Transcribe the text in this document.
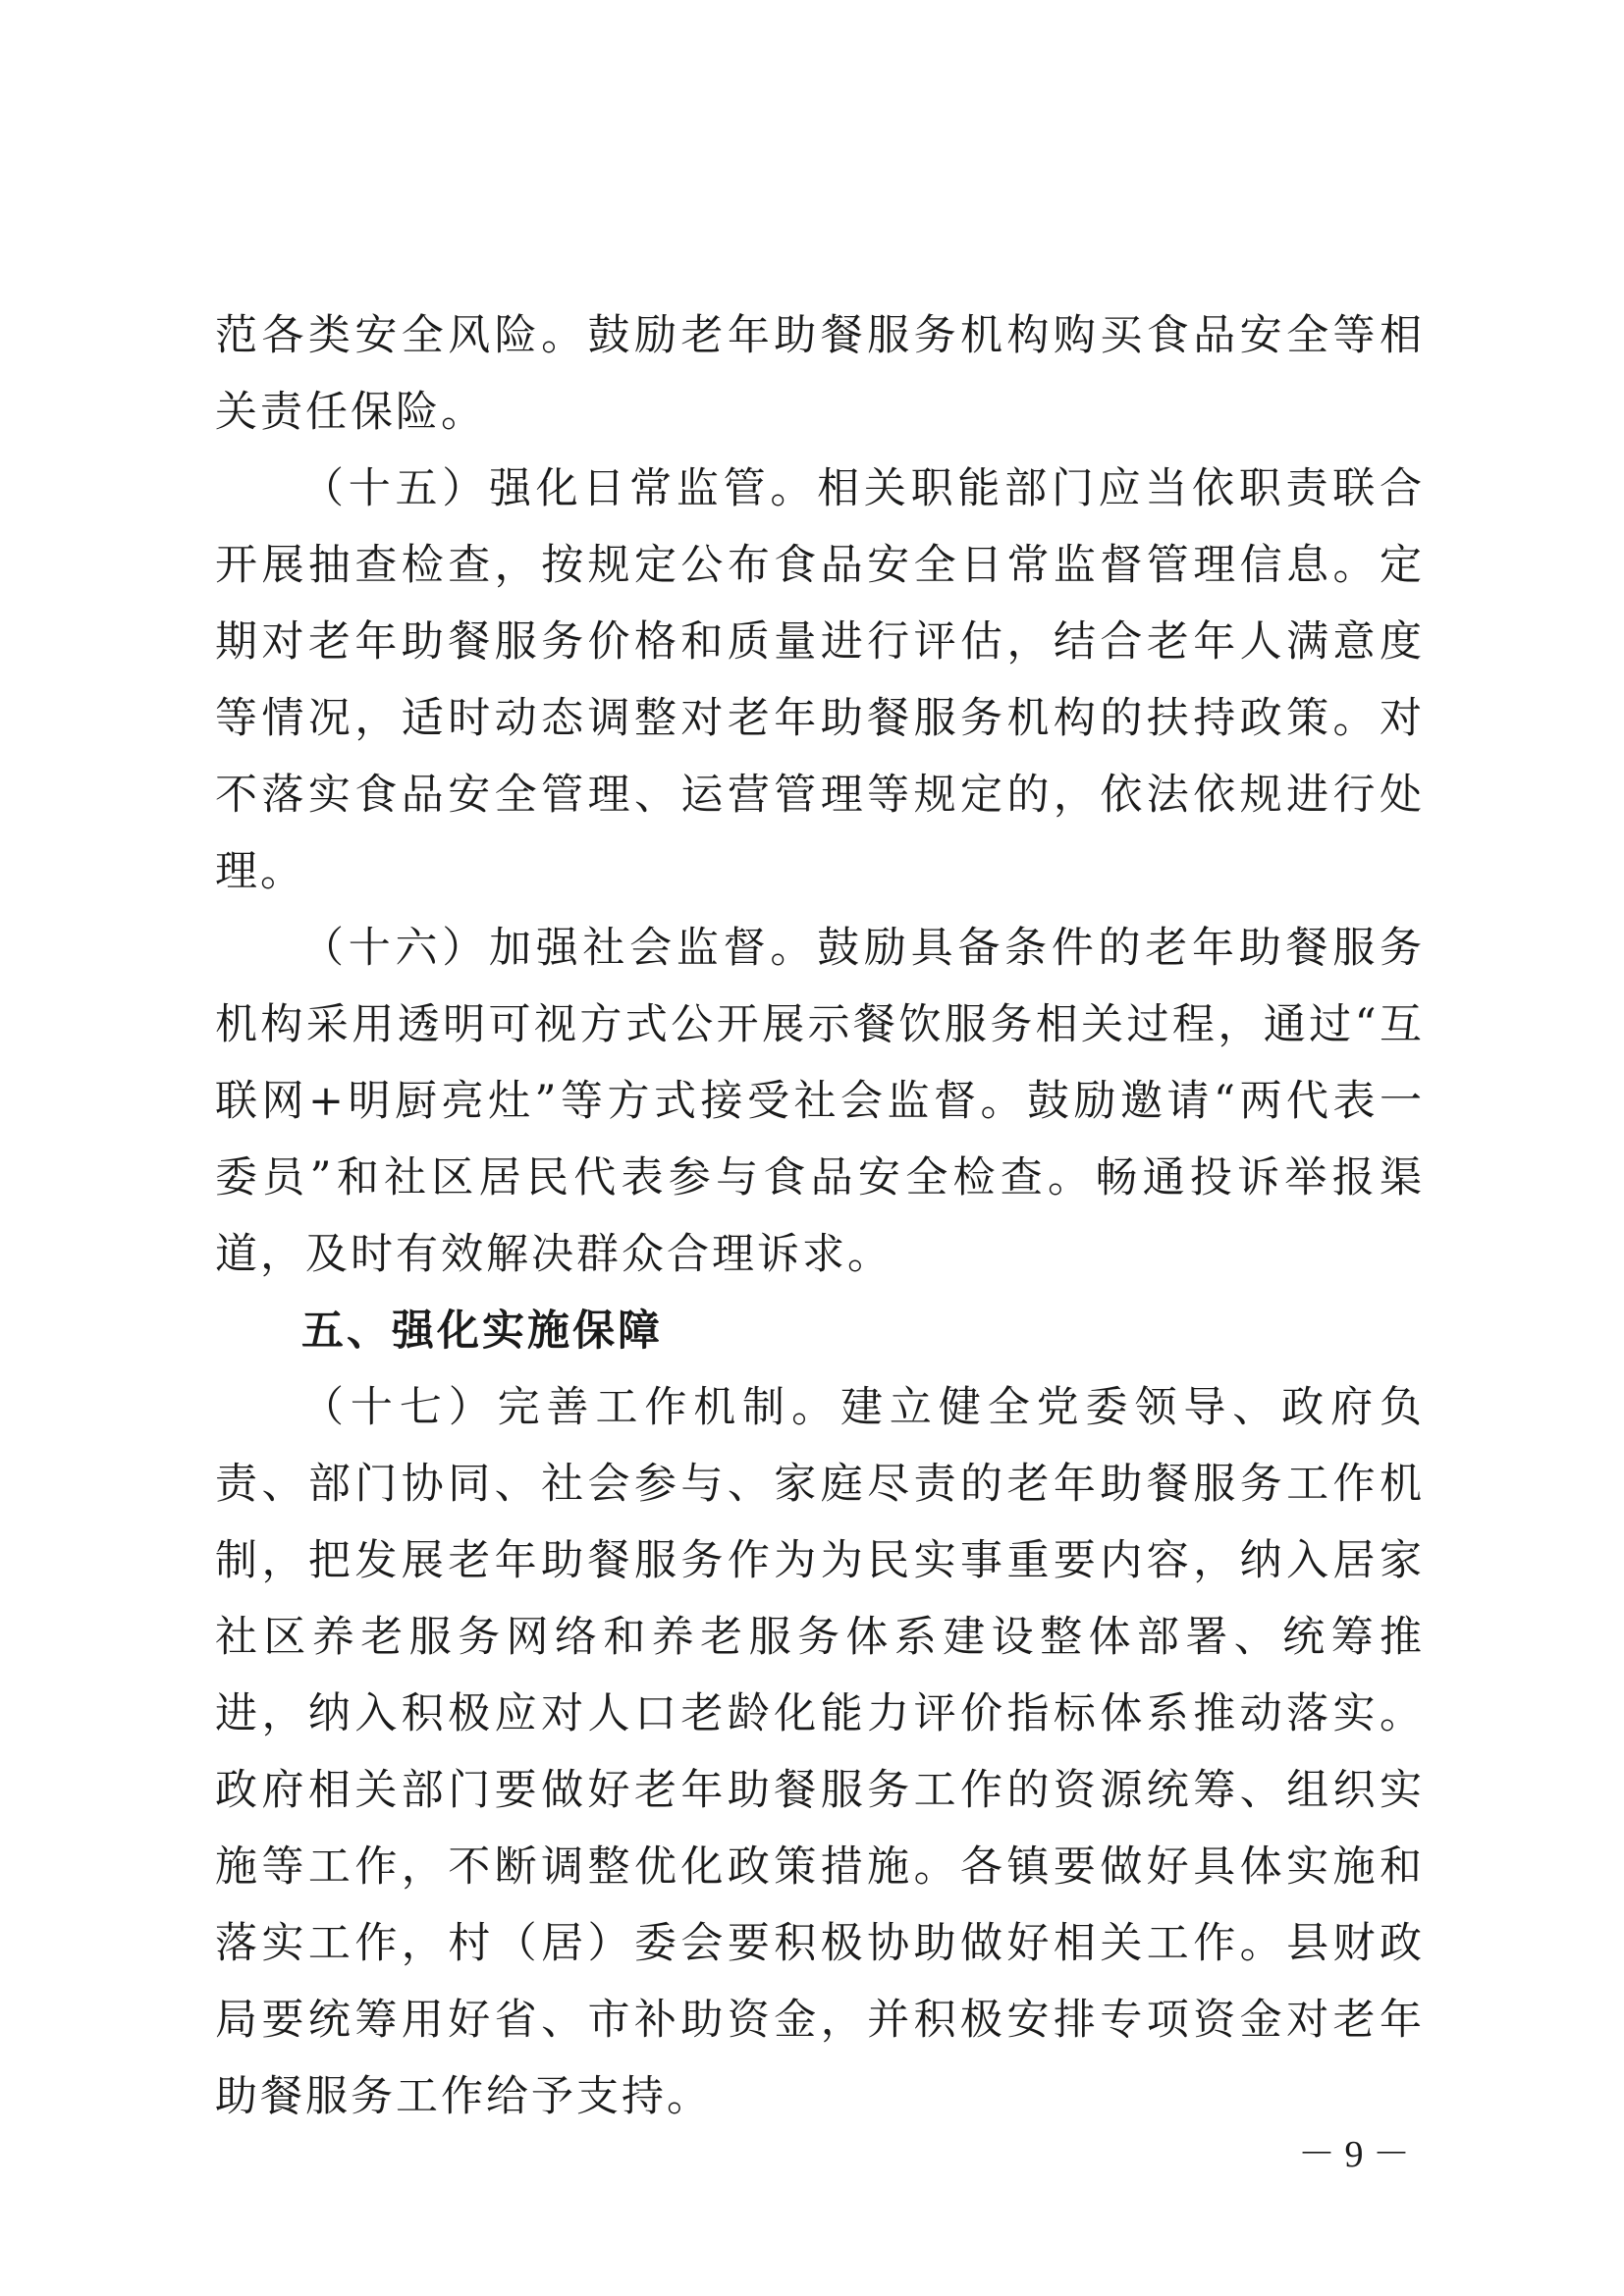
范各类安全风险。鼓励老年助餐服务机构购买食品安全等相关责任保险。

（十五）强化日常监管。相关职能部门应当依职责联合开展抽查检查，按规定公布食品安全日常监督管理信息。定期对老年助餐服务价格和质量进行评估，结合老年人满意度等情况，适时动态调整对老年助餐服务机构的扶持政策。对不落实食品安全管理、运营管理等规定的，依法依规进行处理。

（十六）加强社会监督。鼓励具备条件的老年助餐服务机构采用透明可视方式公开展示餐饮服务相关过程，通过“互联网+明厨亮灶”等方式接受社会监督。鼓励邀请“两代表一委员”和社区居民代表参与食品安全检查。畅通投诉举报渠道，及时有效解决群众合理诉求。

五、强化实施保障

（十七）完善工作机制。建立健全党委领导、政府负责、部门协同、社会参与、家庭尽责的老年助餐服务工作机制，把发展老年助餐服务作为为民实事重要内容，纳入居家社区养老服务网络和养老服务体系建设整体部署、统筹推进，纳入积极应对人口老龄化能力评价指标体系推动落实。政府相关部门要做好老年助餐服务工作的资源统筹、组织实施等工作，不断调整优化政策措施。各镇要做好具体实施和落实工作，村（居）委会要积极协助做好相关工作。县财政局要统筹用好省、市补助资金，并积极安排专项资金对老年助餐服务工作给予支持。

－ 9 －
